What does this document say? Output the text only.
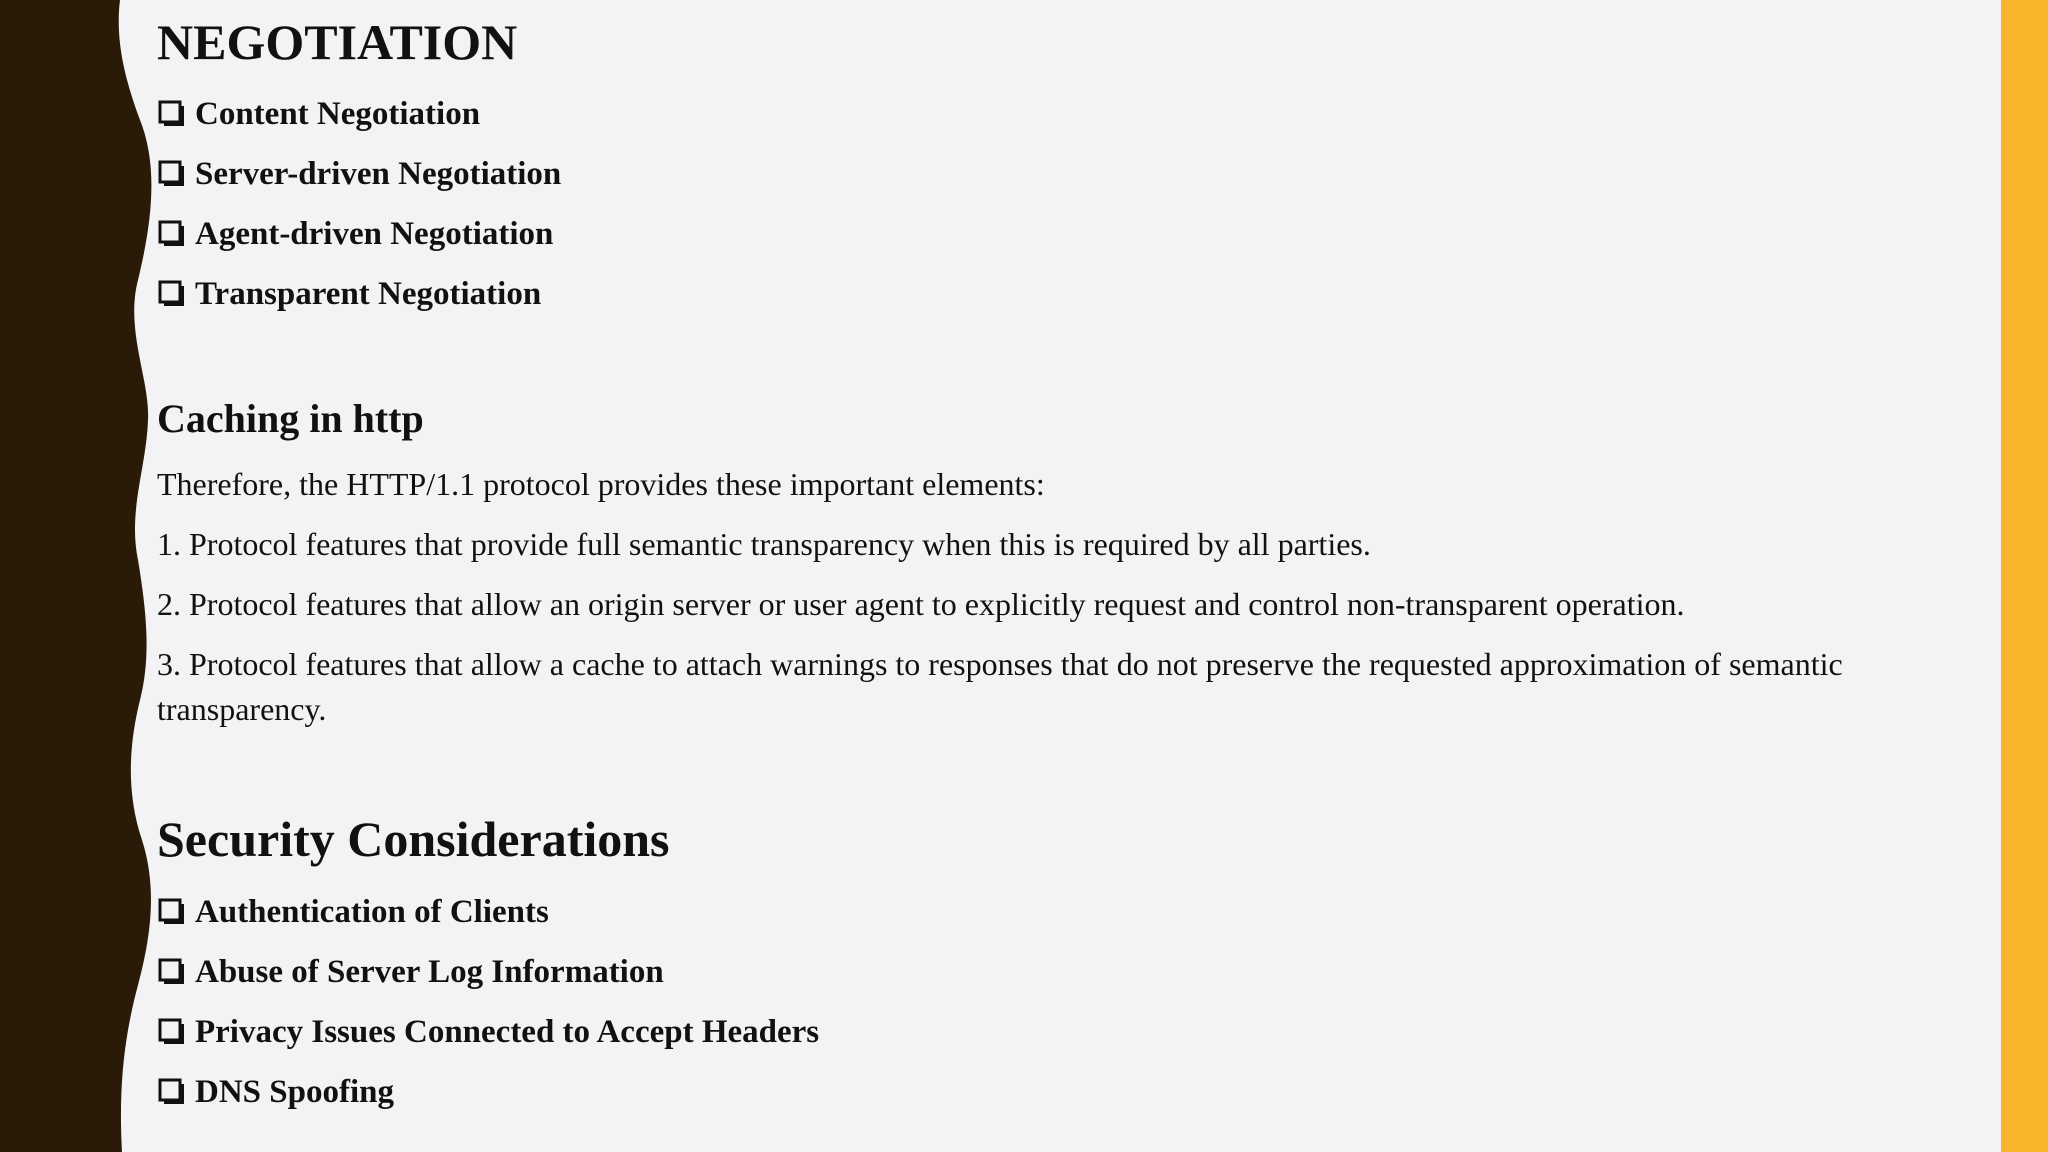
NEGOTIATION
Content Negotiation
Server-driven Negotiation
Agent-driven Negotiation
Transparent Negotiation
Caching in http
Therefore, the HTTP/1.1 protocol provides these important elements:
1. Protocol features that provide full semantic transparency when this is required by all parties.
2. Protocol features that allow an origin server or user agent to explicitly request and control non-transparent operation.
3. Protocol features that allow a cache to attach warnings to responses that do not preserve the requested approximation of semantic transparency.
Security Considerations
Authentication of Clients
Abuse of Server Log Information
Privacy Issues Connected to Accept Headers
DNS Spoofing
